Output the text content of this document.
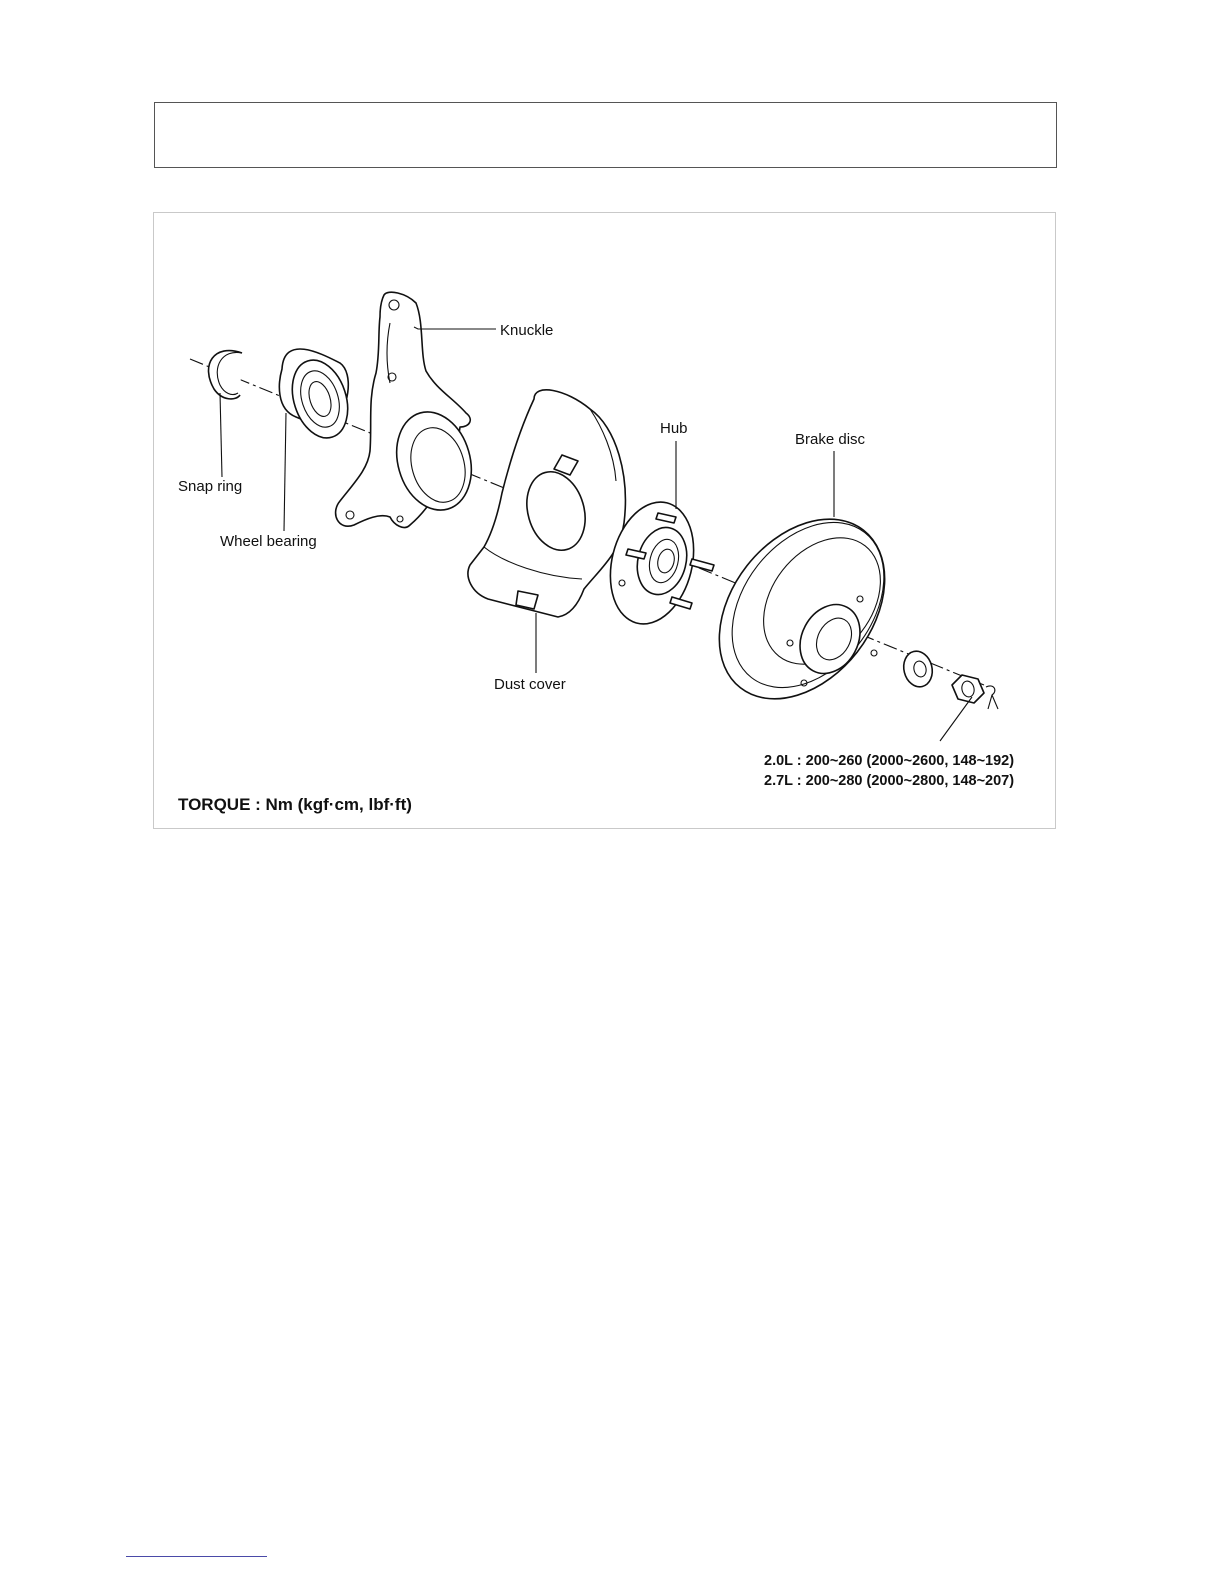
Knuckle
Snap ring
Wheel bearing
Hub
Brake disc
Dust cover
2.0L : 200~260 (2000~2600, 148~192)
2.7L : 200~280 (2000~2800, 148~207)
TORQUE : Nm (kgf·cm, lbf·ft)
